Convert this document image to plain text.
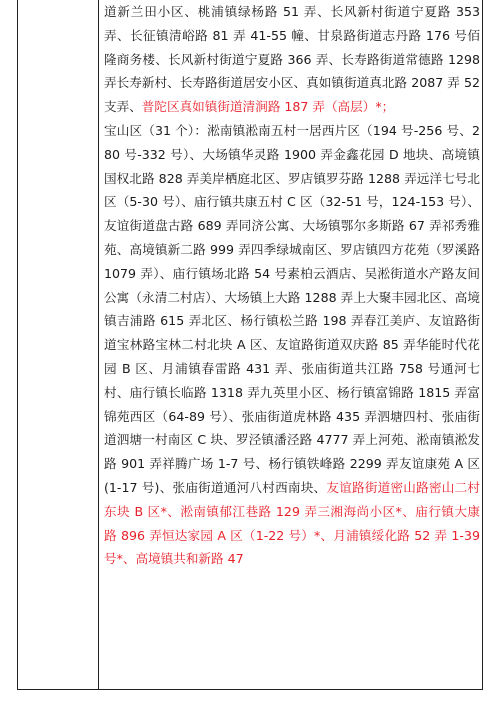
道新兰田小区、桃浦镇绿杨路 51 弄、长风新村街道宁夏路 353 弄、长征镇清峪路 81 弄 41-55 幢、甘泉路街道志丹路 176 号佰隆商务楼、长风新村街道宁夏路 366 弄、长寿路街道常德路 1298 弄长寿新村、长寿路街道居安小区、真如镇街道真北路 2087 弄 52 支弄、普陀区真如镇街道清涧路 187 弄（高层）*；

宝山区（31 个）：淞南镇淞南五村一居西片区（194 号-256 号、280 号-332 号）、大场镇华灵路 1900 弄金鑫花园 D 地块、高境镇国权北路 828 弄美岸栖庭北区、罗店镇罗芬路 1288 弄远洋七号北区（5-30 号）、庙行镇共康五村 C 区（32-51 号，124-153 号）、友谊街道盘古路 689 弄同济公寓、大场镇鄂尔多斯路 67 弄祁秀雅苑、高境镇新二路 999 弄四季绿城南区、罗店镇四方花苑（罗溪路 1079 弄）、庙行镇场北路 54 号素柏云酒店、吴淞街道水产路友间公寓（永清二村店）、大场镇上大路 1288 弄上大聚丰园北区、高境镇吉浦路 615 弄北区、杨行镇松兰路 198 弄春江美庐、友谊路街道宝林路宝林二村北块 A 区、友谊路街道双庆路 85 弄华能时代花园 B 区、月浦镇春雷路 431 弄、张庙街道共江路 758 号通河七村、庙行镇长临路 1318 弄九英里小区、杨行镇富锦路 1815 弄富锦苑西区（64-89 号）、张庙街道虎林路 435 弄泗塘四村、张庙街道泗塘一村南区 C 块、罗泾镇潘泾路 4777 弄上河苑、淞南镇淞发路 901 弄祥腾广场 1-7 号、杨行镇铁峰路 2299 弄友谊康苑 A 区(1-17 号)、张庙街道通河八村西南块、友谊路街道密山路密山二村东块 B 区*、淞南镇郁江巷路 129 弄三湘海尚小区*、庙行镇大康路 896 弄恒达家园 A 区（1-22 号）*、月浦镇绥化路 52 弄 1-39 号*、高境镇共和新路 47
